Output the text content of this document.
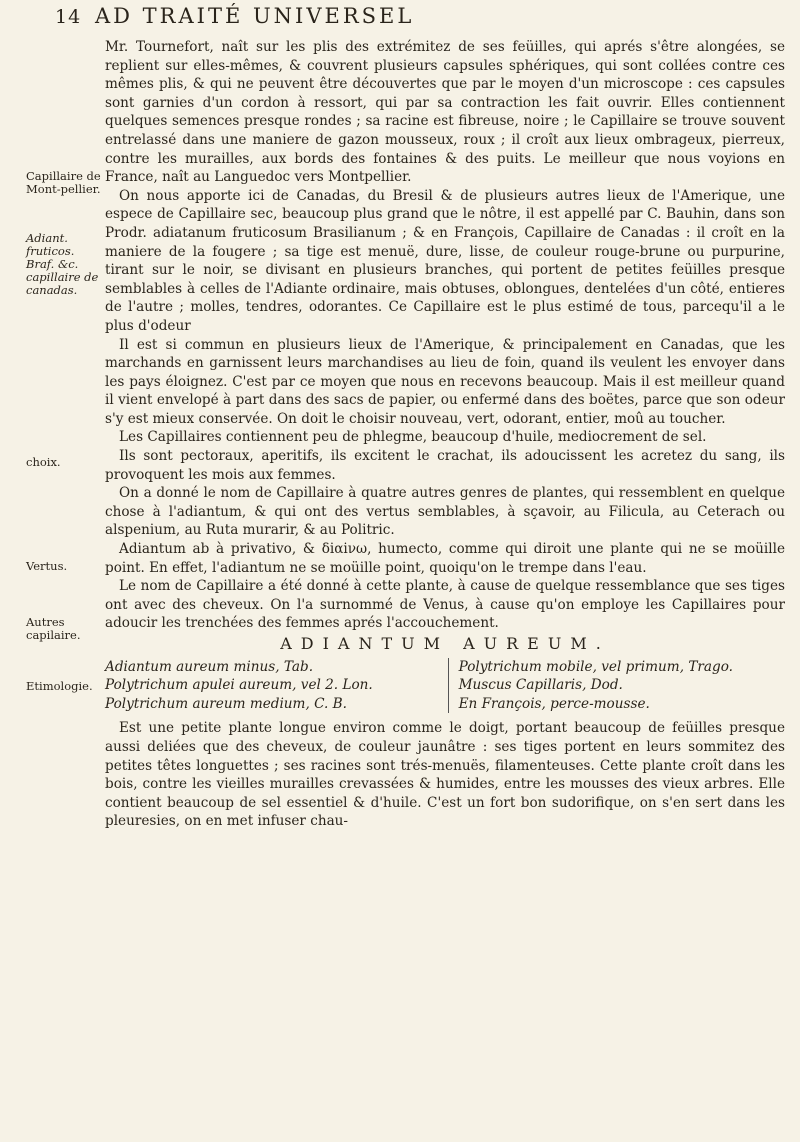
14 AD TRAITÉ UNIVERSEL
Capillaire de Mont-pellier.
Adiant. fruticos. Braf. &c. capillaire de canadas.
choix.
Vertus.
Autres capilaire.
Etimologie.

Mr. Tournefort, naît sur les plis des extrémitez de ses feüilles, qui aprés s'être alongées, se replient sur elles-mêmes, & couvrent plusieurs capsules sphériques, qui sont collées contre ces mêmes plis, & qui ne peuvent être découvertes que par le moyen d'un microscope : ces capsules sont garnies d'un cordon à ressort, qui par sa contraction les fait ouvrir. Elles contiennent quelques semences presque rondes ; sa racine est fibreuse, noire ; le Capillaire se trouve souvent entrelassé dans une maniere de gazon mousseux, roux ; il croît aux lieux ombrageux, pierreux, contre les murailles, aux bords des fontaines & des puits. Le meilleur que nous voyions en France, naît au Languedoc vers Montpellier.

On nous apporte ici de Canadas, du Bresil & de plusieurs autres lieux de l'Amerique, une espece de Capillaire sec, beaucoup plus grand que le nôtre, il est appellé par C. Bauhin, dans son Prodr. adiatanum fruticosum Brasilianum ; & en François, Capillaire de Canadas : il croît en la maniere de la fougere ; sa tige est menuë, dure, lisse, de couleur rouge-brune ou purpurine, tirant sur le noir, se divisant en plusieurs branches, qui portent de petites feüilles presque semblables à celles de l'Adiante ordinaire, mais obtuses, oblongues, dentelées d'un côté, entieres de l'autre ; molles, tendres, odorantes. Ce Capillaire est le plus estimé de tous, parcequ'il a le plus d'odeur

Il est si commun en plusieurs lieux de l'Amerique, & principalement en Canadas, que les marchands en garnissent leurs marchandises au lieu de foin, quand ils veulent les envoyer dans les pays éloignez. C'est par ce moyen que nous en recevons beaucoup. Mais il est meilleur quand il vient envelopé à part dans des sacs de papier, ou enfermé dans des boëtes, parce que son odeur s'y est mieux conservée. On doit le choisir nouveau, vert, odorant, entier, moû au toucher.

Les Capillaires contiennent peu de phlegme, beaucoup d'huile, mediocrement de sel.

Ils sont pectoraux, aperitifs, ils excitent le crachat, ils adoucissent les acretez du sang, ils provoquent les mois aux femmes.

On a donné le nom de Capillaire à quatre autres genres de plantes, qui ressemblent en quelque chose à l'adiantum, & qui ont des vertus semblables, à sçavoir, au Filicula, au Ceterach ou alspenium, au Ruta murarir, & au Politric.

Adiantum ab à privativo, & δiαiνω, humecto, comme qui diroit une plante qui ne se moüille point. En effet, l'adiantum ne se moüille point, quoiqu'on le trempe dans l'eau.

Le nom de Capillaire a été donné à cette plante, à cause de quelque ressemblance que ses tiges ont avec des cheveux. On l'a surnommé de Venus, à cause qu'on employe les Capillaires pour adoucir les trenchées des femmes aprés l'accouchement.

ADIANTUM AUREUM.
Adiantum aureum minus, Tab.
Polytrichum apulei aureum, vel 2. Lon.
Polytrichum aureum medium, C. B.
Polytrichum mobile, vel primum, Trago.
Muscus Capillaris, Dod.
En François, perce-mousse.

Est une petite plante longue environ comme le doigt, portant beaucoup de feüilles presque aussi deliées que des cheveux, de couleur jaunâtre : ses tiges portent en leurs sommitez des petites têtes longuettes ; ses racines sont trés-menuës, filamenteuses. Cette plante croît dans les bois, contre les vieilles murailles crevassées & humides, entre les mousses des vieux arbres. Elle contient beaucoup de sel essentiel & d'huile. C'est un fort bon sudorifique, on s'en sert dans les pleuresies, on en met infuser chau-
